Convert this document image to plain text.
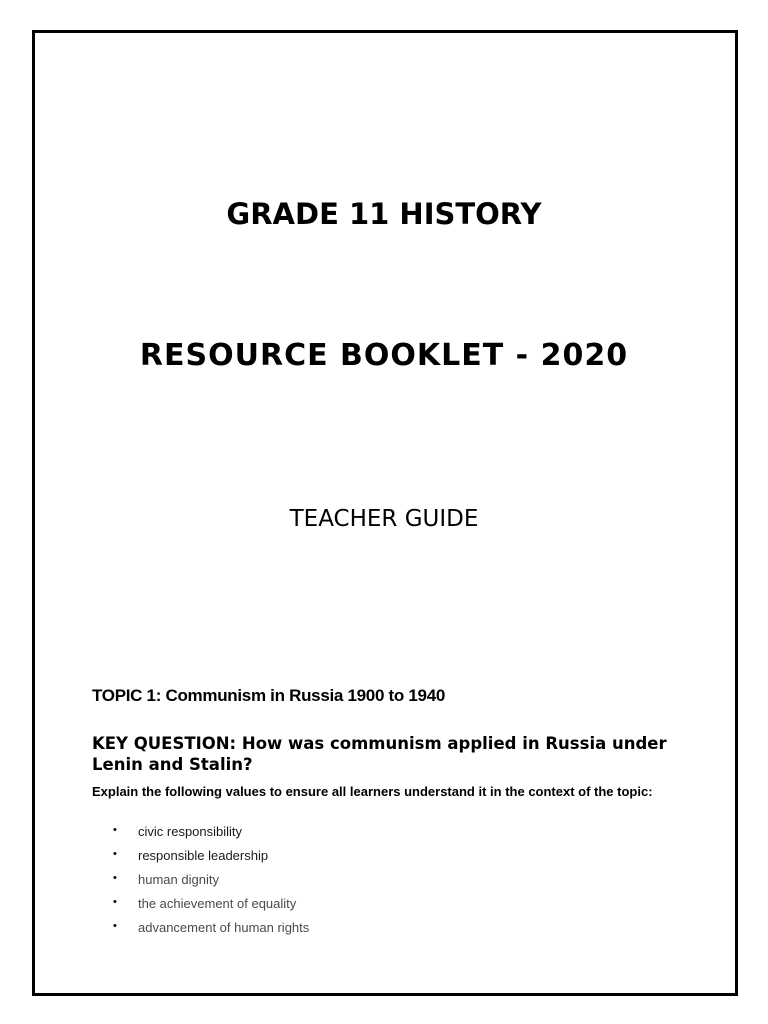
GRADE 11 HISTORY
RESOURCE BOOKLET - 2020
TEACHER GUIDE

TOPIC 1: Communism in Russia 1900 to 1940

KEY QUESTION: How was communism applied in Russia under Lenin and Stalin?

Explain the following values to ensure all learners understand it in the context of the topic:

• civic responsibility
• responsible leadership
• human dignity
• the achievement of equality
• advancement of human rights
